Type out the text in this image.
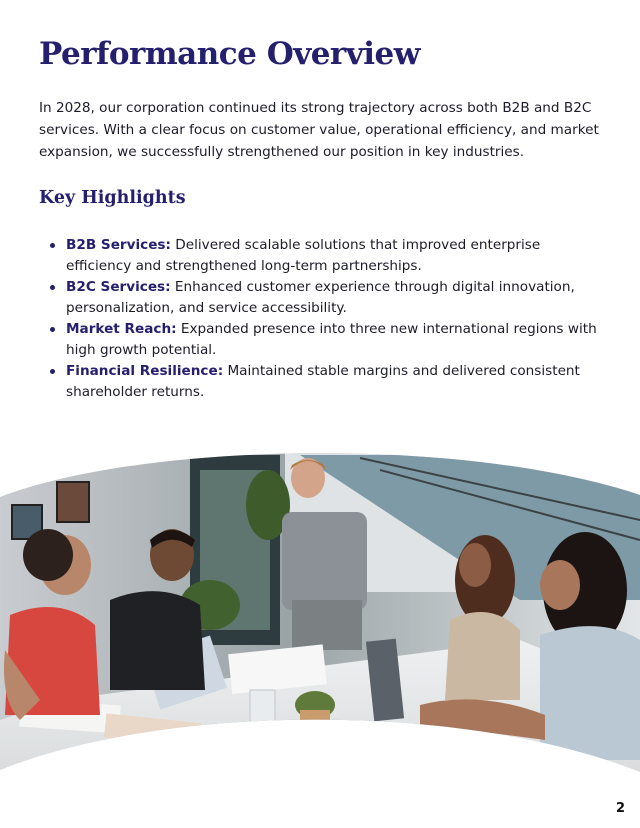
Performance Overview

In 2028, our corporation continued its strong trajectory across both B2B and B2C services. With a clear focus on customer value, operational efficiency, and market expansion, we successfully strengthened our position in key industries.

Key Highlights
B2B Services: Delivered scalable solutions that improved enterprise efficiency and strengthened long-term partnerships.
B2C Services: Enhanced customer experience through digital innovation, personalization, and service accessibility.
Market Reach: Expanded presence into three new international regions with high growth potential.
Financial Resilience: Maintained stable margins and delivered consistent shareholder returns.
2
